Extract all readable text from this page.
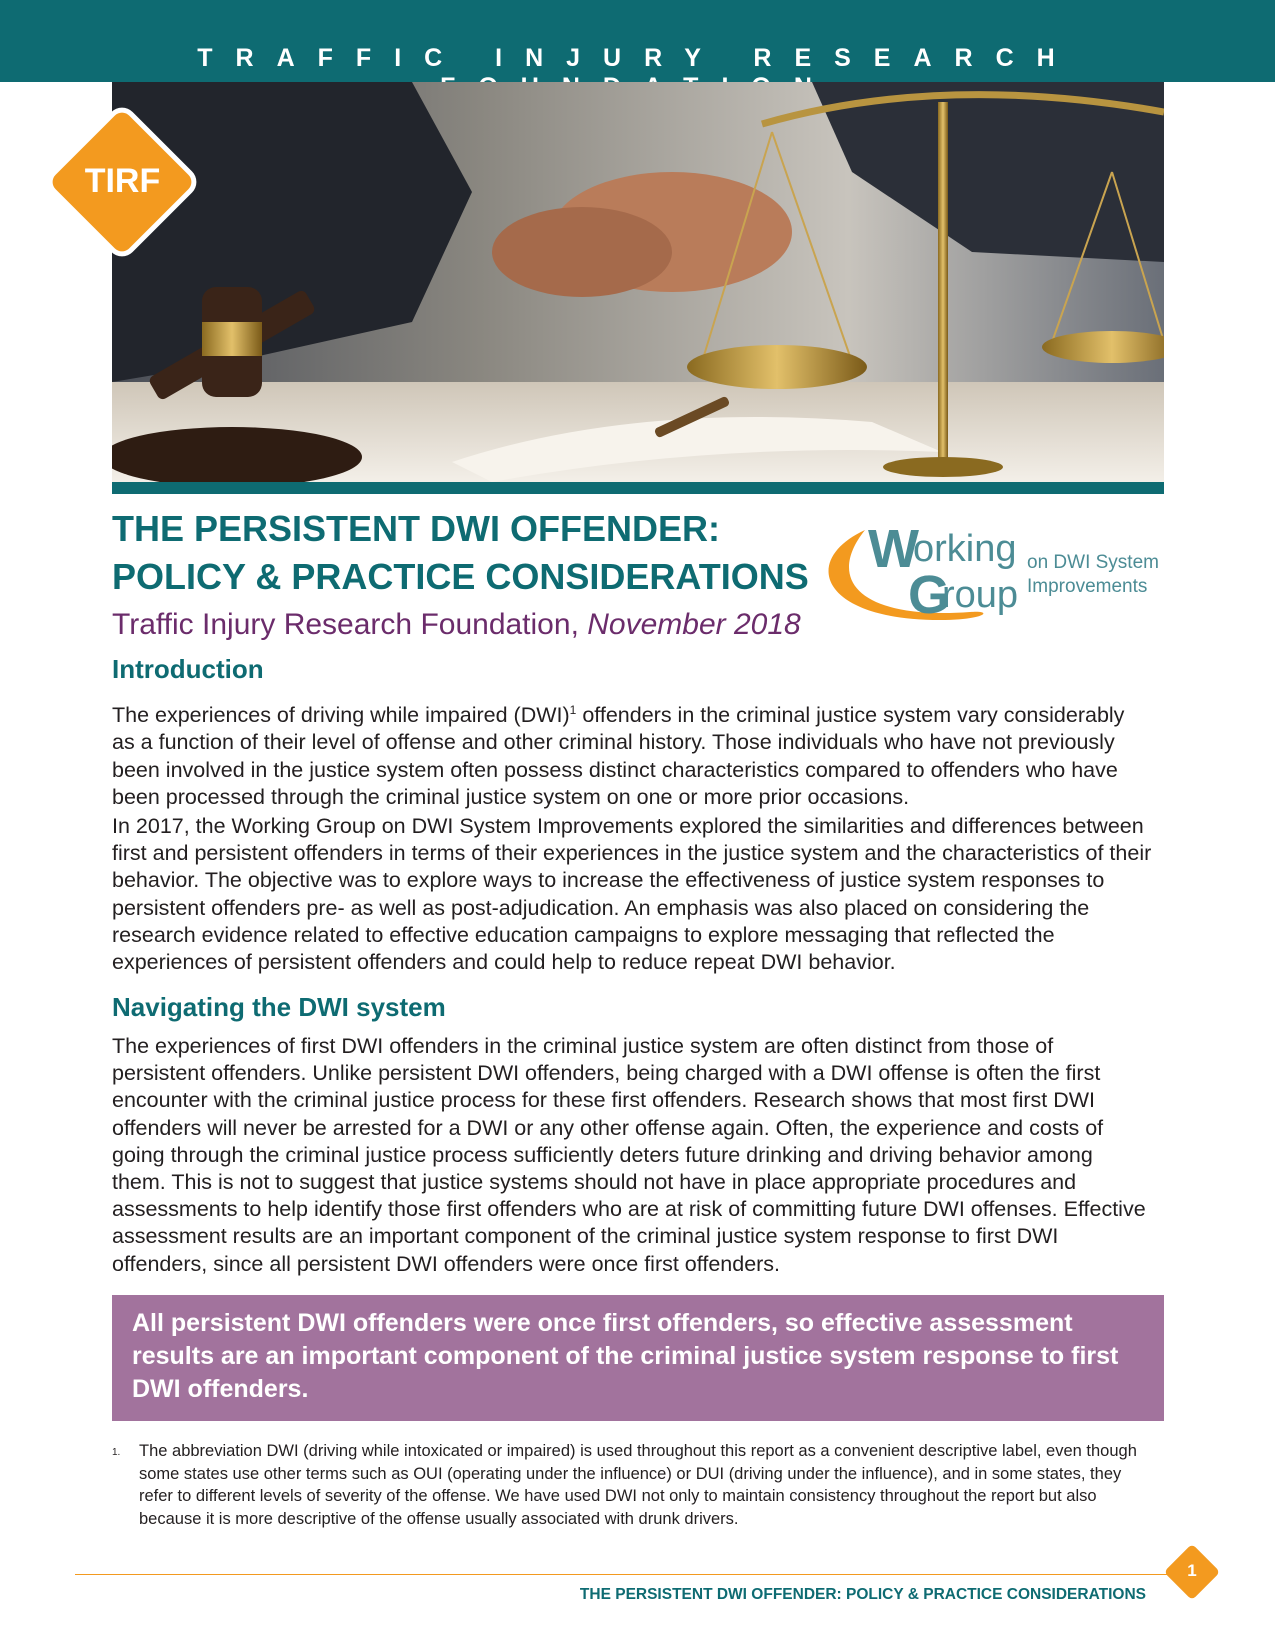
TRAFFIC INJURY RESEARCH
TIRF
THE PERSISTENT DWI OFFENDER:
POLICY & PRACTICE CONSIDERATIONS
Traffic Injury Research Foundation, November 2018
W
orking
G
roup
on DWI System
Improvements
Introduction

The experiences of driving while impaired (DWI)$^1$ offenders in the criminal justice system vary considerably as a function of their level of offense and other criminal history. Those individuals who have not previously been involved in the justice system often possess distinct characteristics compared to offenders who have been processed through the criminal justice system on one or more prior occasions.

In 2017, the Working Group on DWI System Improvements explored the similarities and differences between first and persistent offenders in terms of their experiences in the justice system and the characteristics of their behavior. The objective was to explore ways to increase the effectiveness of justice system responses to persistent offenders pre- as well as post-adjudication. An emphasis was also placed on considering the research evidence related to effective education campaigns to explore messaging that reflected the experiences of persistent offenders and could help to reduce repeat DWI behavior.

Navigating the DWI system

The experiences of first DWI offenders in the criminal justice system are often distinct from those of persistent offenders. Unlike persistent DWI offenders, being charged with a DWI offense is often the first encounter with the criminal justice process for these first offenders. Research shows that most first DWI offenders will never be arrested for a DWI or any other offense again. Often, the experience and costs of going through the criminal justice process sufficiently deters future drinking and driving behavior among them. This is not to suggest that justice systems should not have in place appropriate procedures and assessments to help identify those first offenders who are at risk of committing future DWI offenses. Effective assessment results are an important component of the criminal justice system response to first DWI offenders, since all persistent DWI offenders were once first offenders.

All persistent DWI offenders were once first offenders, so effective assessment results are an important component of the criminal justice system response to first DWI offenders.

1. The abbreviation DWI (driving while intoxicated or impaired) is used throughout this report as a convenient descriptive label, even though some states use other terms such as OUI (operating under the influence) or DUI (driving under the influence), and in some states, they refer to different levels of severity of the offense. We have used DWI not only to maintain consistency throughout the report but also because it is more descriptive of the offense usually associated with drunk drivers.
THE PERSISTENT DWI OFFENDER: POLICY & PRACTICE CONSIDERATIONS
1
